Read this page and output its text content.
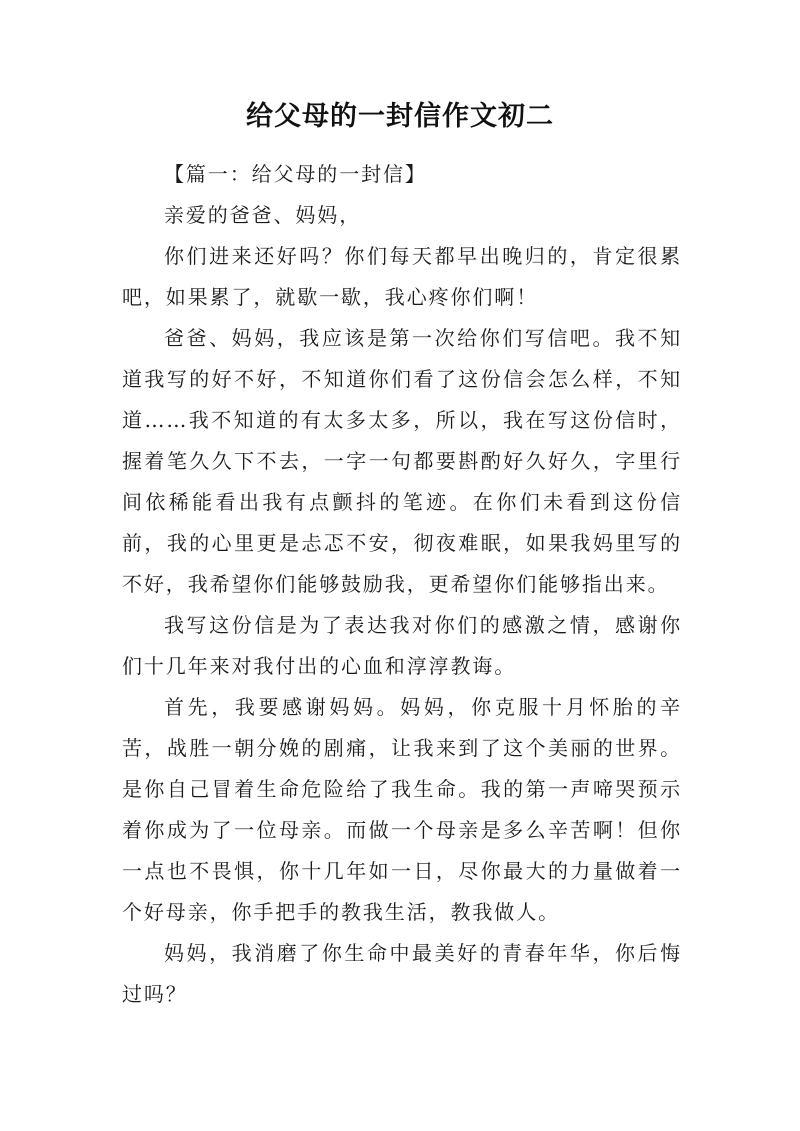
给父母的一封信作文初二

【篇一：给父母的一封信】

亲爱的爸爸、妈妈，

你们进来还好吗？你们每天都早出晚归的，肯定很累吧，如果累了，就歇一歇，我心疼你们啊！

爸爸、妈妈，我应该是第一次给你们写信吧。我不知道我写的好不好，不知道你们看了这份信会怎么样，不知道……我不知道的有太多太多，所以，我在写这份信时，握着笔久久下不去，一字一句都要斟酌好久好久，字里行间依稀能看出我有点颤抖的笔迹。在你们未看到这份信前，我的心里更是忐忑不安，彻夜难眠，如果我妈里写的不好，我希望你们能够鼓励我，更希望你们能够指出来。

我写这份信是为了表达我对你们的感激之情，感谢你们十几年来对我付出的心血和淳淳教诲。

首先，我要感谢妈妈。妈妈，你克服十月怀胎的辛苦，战胜一朝分娩的剧痛，让我来到了这个美丽的世界。是你自己冒着生命危险给了我生命。我的第一声啼哭预示着你成为了一位母亲。而做一个母亲是多么辛苦啊！但你一点也不畏惧，你十几年如一日，尽你最大的力量做着一个好母亲，你手把手的教我生活，教我做人。

妈妈，我消磨了你生命中最美好的青春年华，你后悔过吗？
